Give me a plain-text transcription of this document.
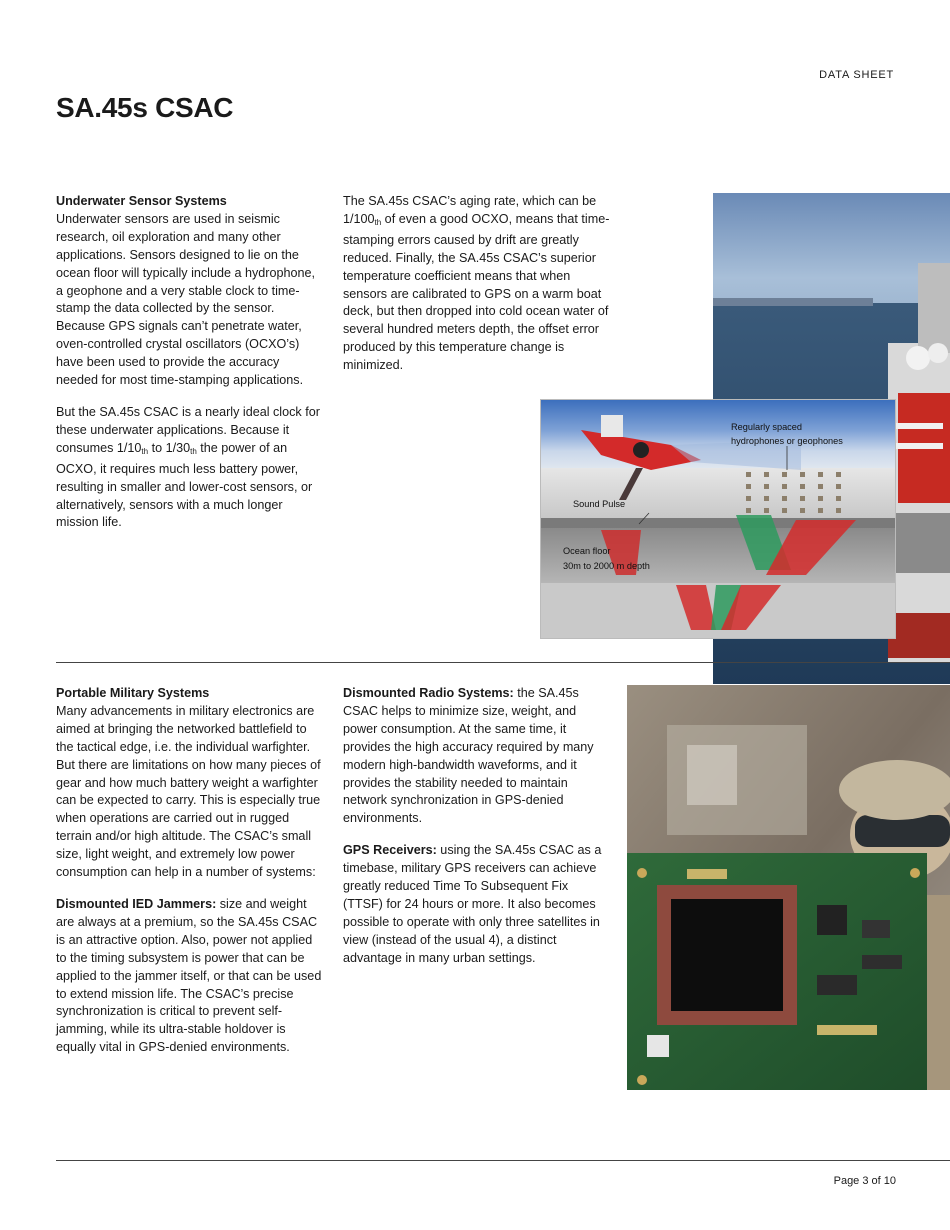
DATA SHEET
SA.45s CSAC
Underwater Sensor Systems

Underwater sensors are used in seismic research, oil exploration and many other applications. Sensors designed to lie on the ocean floor will typically include a hydrophone, a geophone and a very stable clock to time-stamp the data collected by the sensor. Because GPS signals can’t penetrate water, oven-controlled crystal oscillators (OCXO’s) have been used to provide the accuracy needed for most time-stamping applications.

But the SA.45s CSAC is a nearly ideal clock for these underwater applications. Because it consumes $1/10_{th}$ to $1/30_{th}$ the power of an OCXO, it requires much less battery power, resulting in smaller and lower-cost sensors, or alternatively, sensors with a much longer mission life.

The SA.45s CSAC’s aging rate, which can be $1/100_{th}$ of even a good OCXO, means that time-stamping errors caused by drift are greatly reduced. Finally, the SA.45s CSAC’s superior temperature coefficient means that when sensors are calibrated to GPS on a warm boat deck, but then dropped into cold ocean water of several hundred meters depth, the offset error produced by this temperature change is minimized.

Regularly spaced
hydrophones or geophones
Sound Pulse
Ocean floor
30m to 2000 m depth
Portable Military Systems

Many advancements in military electronics are aimed at bringing the networked battlefield to the tactical edge, i.e. the individual warfighter. But there are limitations on how many pieces of gear and how much battery weight a warfighter can be expected to carry. This is especially true when operations are carried out in rugged terrain and/or high altitude. The CSAC’s small size, light weight, and extremely low power consumption can help in a number of systems:

Dismounted IED Jammers: size and weight are always at a premium, so the SA.45s CSAC is an attractive option. Also, power not applied to the timing subsystem is power that can be applied to the jammer itself, or that can be used to extend mission life. The CSAC’s precise synchronization is critical to prevent self-jamming, while its ultra-stable holdover is equally vital in GPS-denied environments.

Dismounted Radio Systems: the SA.45s CSAC helps to minimize size, weight, and power consumption. At the same time, it provides the high accuracy required by many modern high-bandwidth waveforms, and it provides the stability needed to maintain network synchronization in GPS-denied environments.

GPS Receivers: using the SA.45s CSAC as a timebase, military GPS receivers can achieve greatly reduced Time To Subsequent Fix (TTSF) for 24 hours or more. It also becomes possible to operate with only three satellites in view (instead of the usual 4), a distinct advantage in many urban settings.

Page 3 of 10
